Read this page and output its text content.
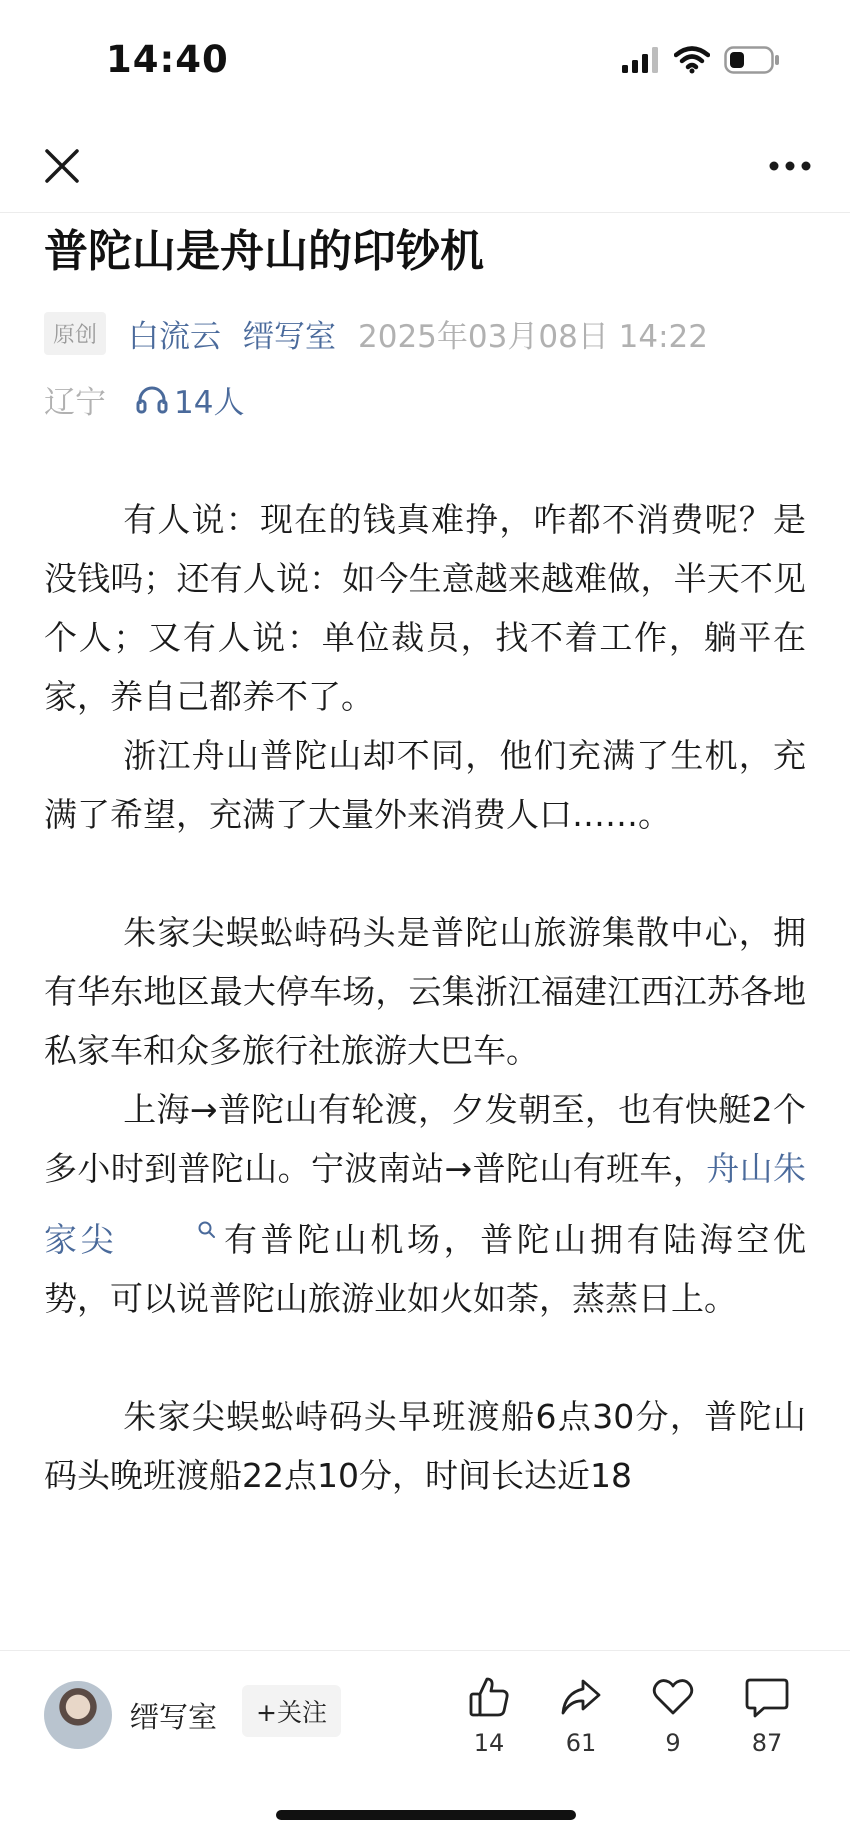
14:40
普陀山是舟山的印钞机
原创 白流云 缙写室 2025年03月08日 14:22
辽宁 14人

有人说：现在的钱真难挣，咋都不消费呢？是没钱吗；还有人说：如今生意越来越难做，半天不见个人；又有人说：单位裁员，找不着工作，躺平在家，养自己都养不了。

浙江舟山普陀山却不同，他们充满了生机，充满了希望，充满了大量外来消费人口……。

朱家尖蜈蚣峙码头是普陀山旅游集散中心，拥有华东地区最大停车场，云集浙江福建江西江苏各地私家车和众多旅行社旅游大巴车。

上海→普陀山有轮渡，夕发朝至，也有快艇2个多小时到普陀山。宁波南站→普陀山有班车，舟山朱家尖	有普陀山机场，普陀山拥有陆海空优势，可以说普陀山旅游业如火如荼，蒸蒸日上。

朱家尖蜈蚣峙码头早班渡船6点30分，普陀山码头晚班渡船22点10分，时间长达近18

缙写室	+关注
14	61	9	87
